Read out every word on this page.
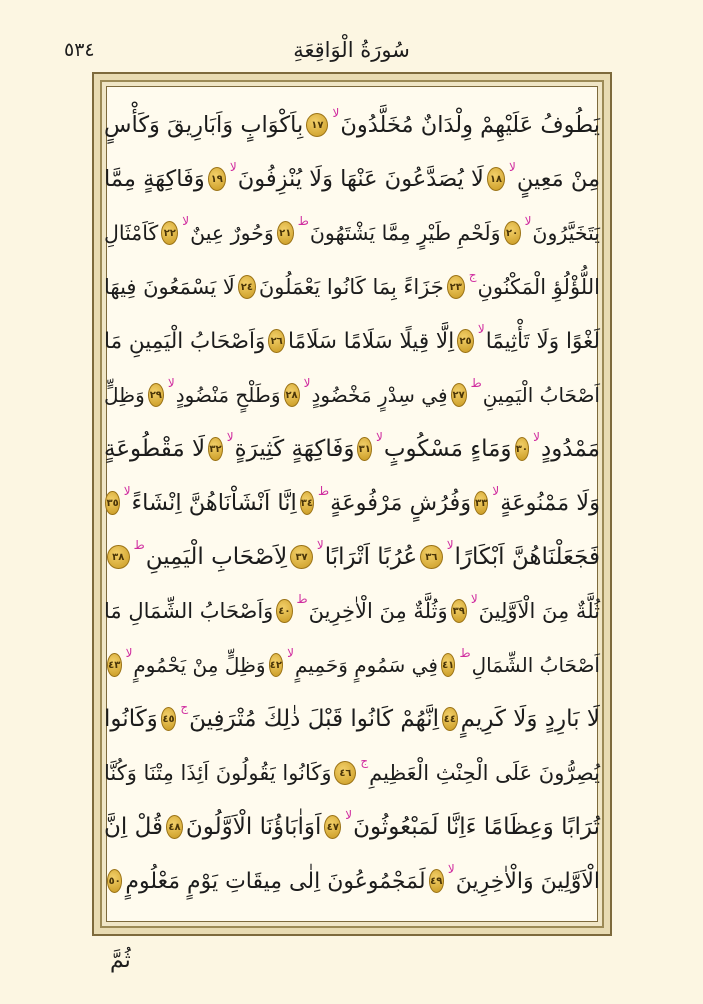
سُورَةُ الْوَاقِعَةِ
٥٣٤
يَطُوفُ عَلَيْهِمْ وِلْدَانٌ مُخَلَّدُونَ
لا
١٧
بِاَكْوَابٍ وَاَبَارِيقَ وَكَأْسٍ
مِنْ مَعِينٍ
لا
١٨
لَا يُصَدَّعُونَ عَنْهَا وَلَا يُنْزِفُونَ
لا
١٩
وَفَاكِهَةٍ مِمَّا
يَتَخَيَّرُونَ
لا
٢٠
وَلَحْمِ طَيْرٍ مِمَّا يَشْتَهُونَ
ط
٢١
وَحُورٌ عِينٌ
لا
٢٢
كَاَمْثَالِ
اللُّؤْلُؤِ الْمَكْنُونِ
ج
٢٣
جَزَاءً بِمَا كَانُوا يَعْمَلُونَ
٢٤
لَا يَسْمَعُونَ فِيهَا
لَغْوًا وَلَا تَأْثِيمًا
لا
٢٥
اِلَّا قِيلًا سَلَامًا سَلَامًا
٢٦
وَاَصْحَابُ الْيَمِينِ مَا
اَصْحَابُ الْيَمِينِ
ط
٢٧
فِي سِدْرٍ مَخْضُودٍ
لا
٢٨
وَطَلْحٍ مَنْضُودٍ
لا
٢٩
وَظِلٍّ
مَمْدُودٍ
لا
٣٠
وَمَاءٍ مَسْكُوبٍ
لا
٣١
وَفَاكِهَةٍ كَثِيرَةٍ
لا
٣٢
لَا مَقْطُوعَةٍ
وَلَا مَمْنُوعَةٍ
لا
٣٣
وَفُرُشٍ مَرْفُوعَةٍ
ط
٣٤
اِنَّا اَنْشَاْنَاهُنَّ اِنْشَاءً
لا
٣٥
فَجَعَلْنَاهُنَّ اَبْكَارًا
لا
٣٦
عُرُبًا اَتْرَابًا
لا
٣٧
لِاَصْحَابِ الْيَمِينِ
ط
٣٨
ثُلَّةٌ مِنَ الْاَوَّلِينَ
لا
٣٩
وَثُلَّةٌ مِنَ الْاٰخِرِينَ
ط
٤٠
وَاَصْحَابُ الشِّمَالِ مَا
اَصْحَابُ الشِّمَالِ
ط
٤١
فِي سَمُومٍ وَحَمِيمٍ
لا
٤٢
وَظِلٍّ مِنْ يَحْمُومٍ
لا
٤٣
لَا بَارِدٍ وَلَا كَرِيمٍ
٤٤
اِنَّهُمْ كَانُوا قَبْلَ ذٰلِكَ مُتْرَفِينَ
ج
٤٥
وَكَانُوا
يُصِرُّونَ عَلَى الْحِنْثِ الْعَظِيمِ
ج
٤٦
وَكَانُوا يَقُولُونَ اَئِذَا مِتْنَا وَكُنَّا
تُرَابًا وَعِظَامًا ءَاِنَّا لَمَبْعُوثُونَ
لا
٤٧
اَوَاٰبَاؤُنَا الْاَوَّلُونَ
٤٨
قُلْ اِنَّ
الْاَوَّلِينَ وَالْاٰخِرِينَ
لا
٤٩
لَمَجْمُوعُونَ اِلٰى مِيقَاتِ يَوْمٍ مَعْلُومٍ
٥٠
ثُمَّ
